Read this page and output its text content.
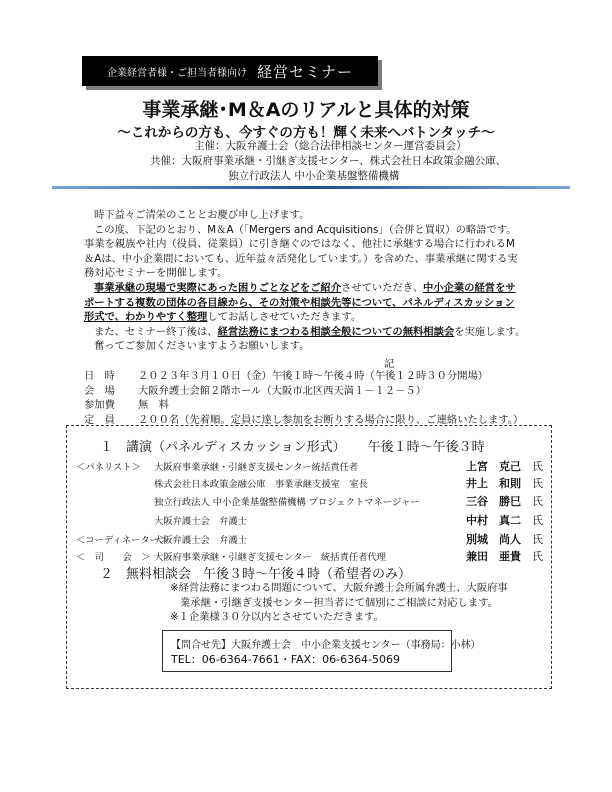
企業経営者様・ご担当者様向け 経営セミナー
事業承継･M＆Aのリアルと具体的対策
～これからの方も、今すぐの方も！輝く未来へバトンタッチ～
主催：大阪弁護士会（総合法律相談センター運営委員会）
共催：大阪府事業承継・引継ぎ支援センター、株式会社日本政策金融公庫、
独立行政法人 中小企業基盤整備機構

時下益々ご清栄のこととお慶び申し上げます。

この度、下記のとおり、M＆A（「Mergers and Acquisitions」（合併と買収）の略語です。

事業を親族や社内（役員、従業員）に引き継ぐのではなく、他社に承継する場合に行われるM

＆Aは、中小企業間においても、近年益々活発化しています。）を含めた、事業承継に関する実

務対応セミナーを開催します。

事業承継の現場で実際にあった困りごとなどをご紹介させていただき、中小企業の経営をサ

ポートする複数の団体の各目線から、その対策や相談先等について、パネルディスカッション

形式で、わかりやすく整理してお話しさせていただきます。

また、セミナー終了後は、経営法務にまつわる相談全般についての無料相談会を実施します。

奮ってご参加くださいますようお願いします。

記
日　時	２０２３年３月１０日（金）午後１時～午後４時（午後１２時３０分開場）
会　場	大阪弁護士会館２階ホール（大阪市北区西天満１－１２－５）
参加費	無　料
定　員	２００名（先着順。定員に達し参加をお断りする場合に限り、ご連絡いたします。）
１ 講演（パネルディスカッション形式） 午後１時～午後３時
＜パネリスト＞ 大阪府事業承継・引継ぎ支援センター統括責任者	上宮　克己 氏
株式会社日本政策金融公庫　事業承継支援室　室長	井上　和則 氏
独立行政法人 中小企業基盤整備機構 プロジェクトマネージャー	三谷　勝巳 氏
大阪弁護士会　弁護士	中村　真二 氏
＜コーディネーター＞
大阪弁護士会　弁護士	別城　尚人 氏
＜　司　　会　＞ 大阪府事業承継・引継ぎ支援センター　統括責任者代理	兼田　亜貴 氏
２ 無料相談会 午後３時～午後４時（希望者のみ）
※経営法務にまつわる問題について、大阪弁護士会所属弁護士、大阪府事
業承継・引継ぎ支援センター担当者にて個別にご相談に対応します。
※１企業様３０分以内とさせていただきます。
【問合せ先】大阪弁護士会　中小企業支援センター（事務局：小林）
TEL：06-6364-7661・FAX：06-6364-5069
